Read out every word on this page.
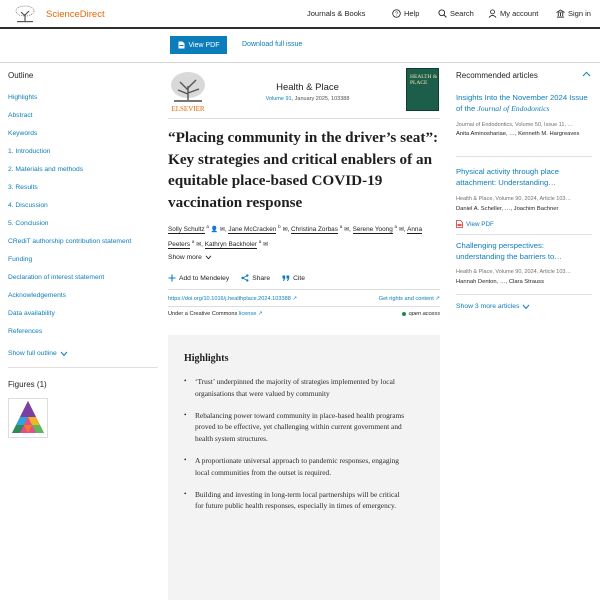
ScienceDirect	Journals & Books	? Help	Search	My account	Sign in
View PDF	Download full issue
Outline
Highlights
Abstract
Keywords
1. Introduction
2. Materials and methods
3. Results
4. Discussion
5. Conclusion
CRediT authorship contribution statement
Funding
Declaration of interest statement
Acknowledgements
Data availability
References
Show full outline
Figures (1)
ELSEVIER
Health & Place
Volume 91, January 2025, 103388
HEALTH & PLACE
“Placing community in the driver’s seat”: Key strategies and critical enablers of an equitable place-based COVID-19 vaccination response
Solly Schultz $^a$ 👤 ✉, Jane McCracken $^b$ ✉, Christina Zorbas $^a$ ✉, Serene Yoong $^a$ ✉, Anna Peeters $^a$ ✉, Kathryn Backholer $^a$ ✉
Show more
Add to Mendeley	Share	Cite
https://doi.org/10.1016/j.healthplace.2024.103388 ↗	Get rights and content ↗
Under a Creative Commons license ↗	open access
Highlights
• ‘Trust’ underpinned the majority of strategies implemented by local organisations that were valued by community
• Rebalancing power toward community in place-based health programs proved to be effective, yet challenging within current government and health system structures.
• A proportionate universal approach to pandemic responses, engaging local communities from the outset is required.
• Building and investing in long-term local partnerships will be critical for future public health responses, especially in times of emergency.
Recommended articles
Insights Into the November 2024 Issue of the Journal of Endodontics
Journal of Endodontics, Volume 50, Issue 11, …
Anita Aminoshariae, …, Kenneth M. Hargreaves
Physical activity through place attachment: Understanding…
Health & Place, Volume 90, 2024, Article 103…
Daniel A. Scheller, …, Joachim Bachner
View PDF
Challenging perspectives: understanding the barriers to…
Health & Place, Volume 90, 2024, Article 103…
Hannah Denton, …, Clara Strauss
Show 3 more articles
